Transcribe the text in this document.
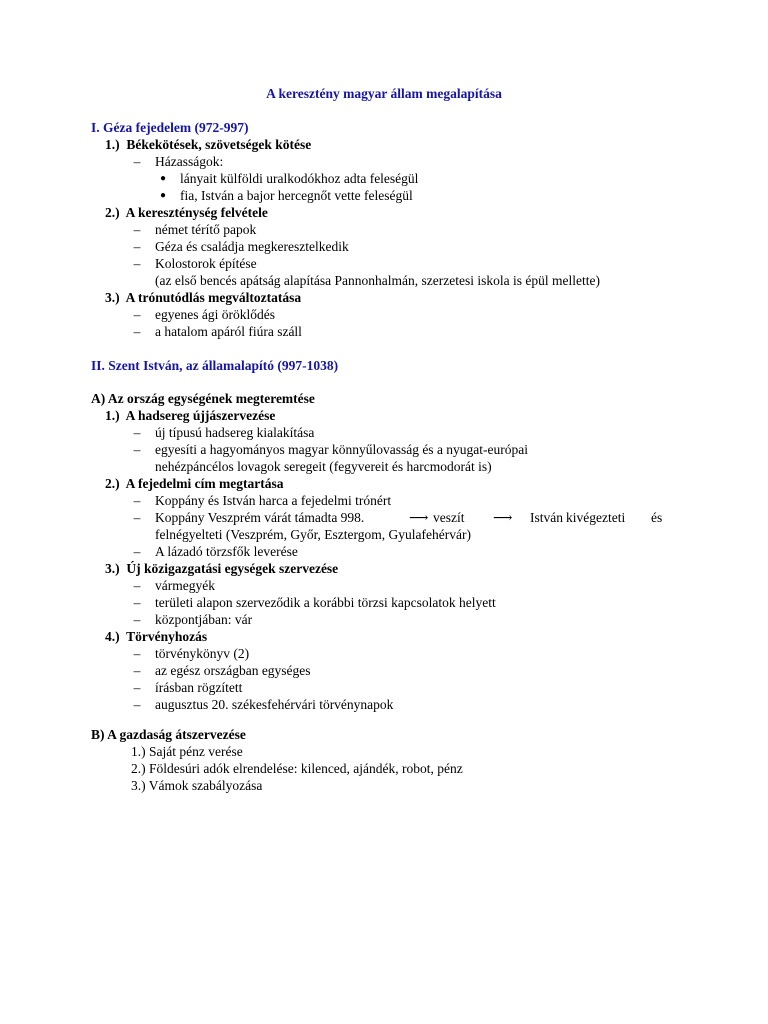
A keresztény magyar állam megalapítása
I. Géza fejedelem (972-997)
1.) Békekötések, szövetségek kötése
– Házasságok:
● lányait külföldi uralkodókhoz adta feleségül
● fia, István a bajor hercegnőt vette feleségül
2.) A kereszténység felvétele
– német térítő papok
– Géza és családja megkeresztelkedik
– Kolostorok építése
(az első bencés apátság alapítása Pannonhalmán, szerzetesi iskola is épül mellette)
3.) A trónutódlás megváltoztatása
– egyenes ági öröklődés
– a hatalom apáról fiúra száll
II. Szent István, az államalapító (997-1038)
A) Az ország egységének megteremtése
1.) A hadsereg újjászervezése
– új típusú hadsereg kialakítása
– egyesíti a hagyományos magyar könnyűlovasság és a nyugat-európai
nehézpáncélos lovagok seregeit (fegyvereit és harcmodorát is)
2.) A fejedelmi cím megtartása
– Koppány és István harca a fejedelmi trónért
– Koppány Veszprém várát támadta 998.	⟶ veszít ⟶ István kivégezteti és
felnégyelteti (Veszprém, Győr, Esztergom, Gyulafehérvár)
– A lázadó törzsfők leverése
3.) Új közigazgatási egységek szervezése
– vármegyék
– területi alapon szerveződik a korábbi törzsi kapcsolatok helyett
– központjában: vár
4.) Törvényhozás
– törvénykönyv (2)
– az egész országban egységes
– írásban rögzített
– augusztus 20. székesfehérvári törvénynapok
B) A gazdaság átszervezése
1.) Saját pénz verése
2.) Földesúri adók elrendelése: kilenced, ajándék, robot, pénz
3.) Vámok szabályozása
